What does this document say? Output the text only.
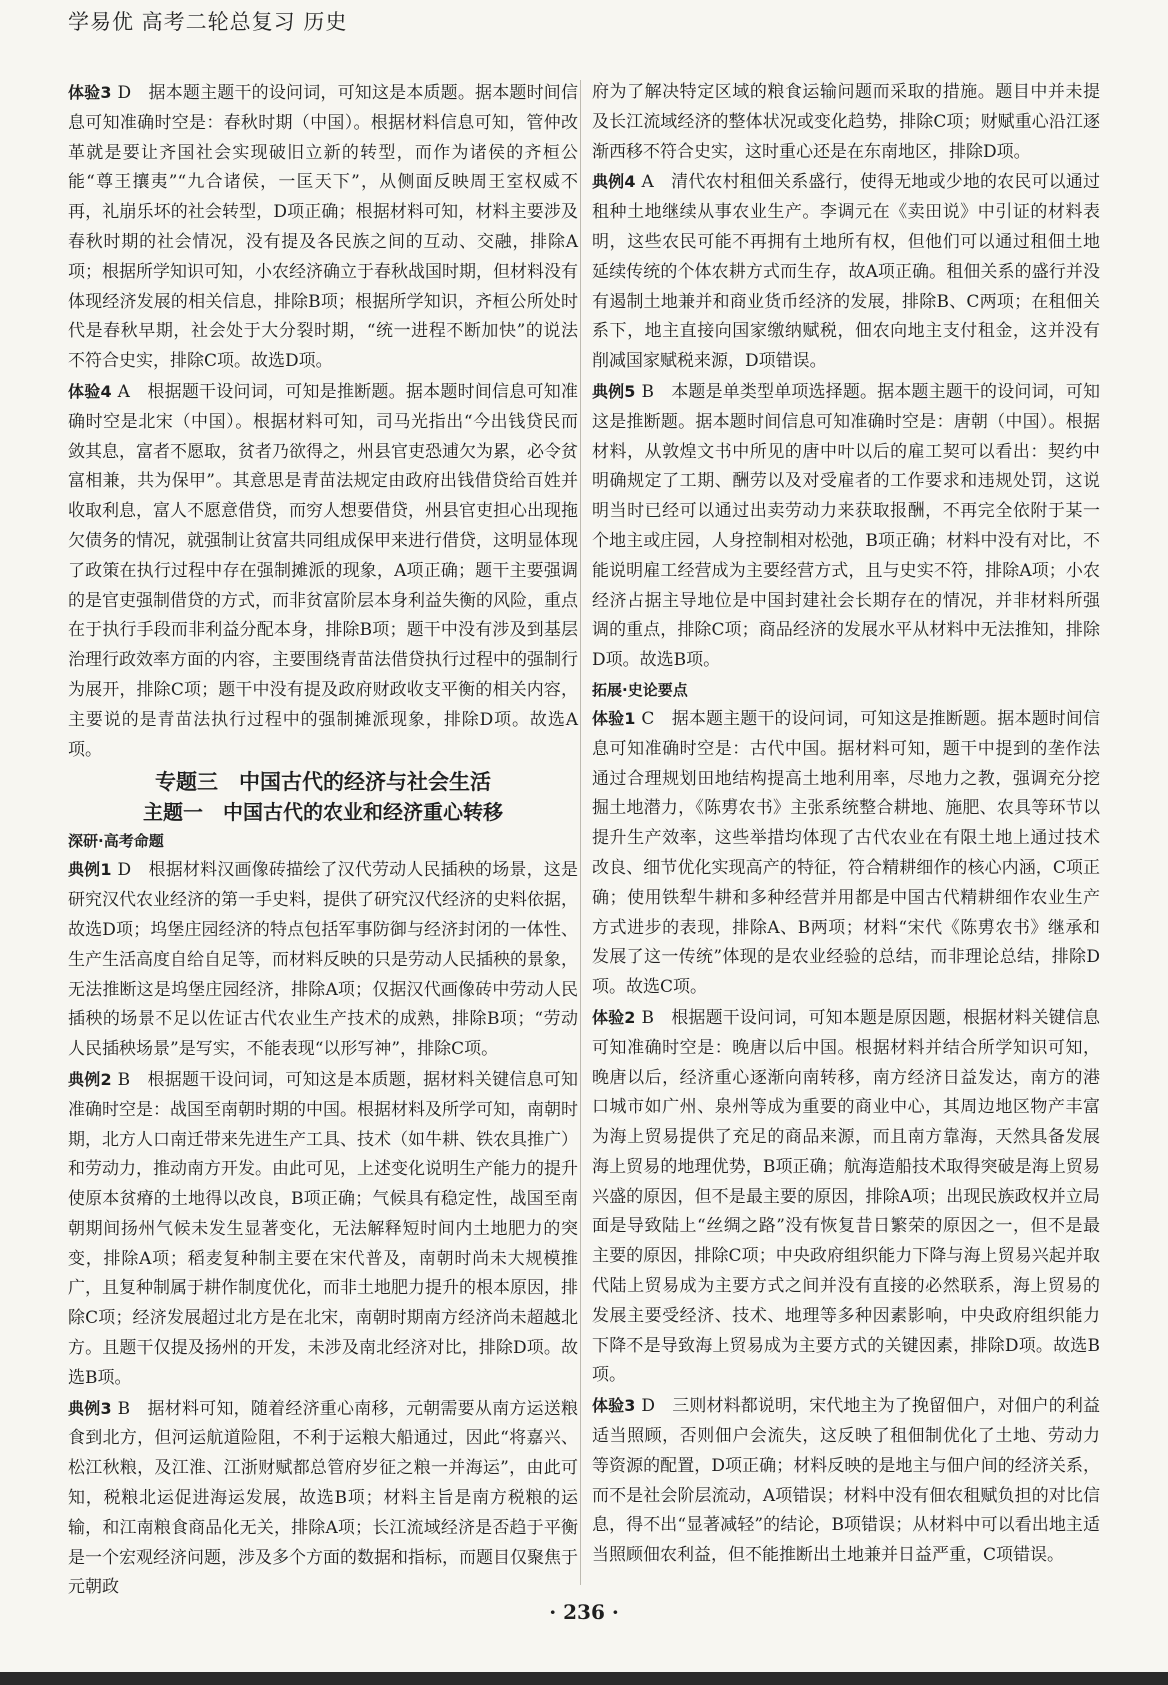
学易优 高考二轮总复习 历史

体验3 D　据本题主题干的设问词，可知这是本质题。据本题时间信息可知准确时空是：春秋时期（中国）。根据材料信息可知，管仲改革就是要让齐国社会实现破旧立新的转型，而作为诸侯的齐桓公能“尊王攘夷”“九合诸侯，一匡天下”，从侧面反映周王室权威不再，礼崩乐坏的社会转型，D项正确；根据材料可知，材料主要涉及春秋时期的社会情况，没有提及各民族之间的互动、交融，排除A项；根据所学知识可知，小农经济确立于春秋战国时期，但材料没有体现经济发展的相关信息，排除B项；根据所学知识，齐桓公所处时代是春秋早期，社会处于大分裂时期，“统一进程不断加快”的说法不符合史实，排除C项。故选D项。

体验4 A　根据题干设问词，可知是推断题。据本题时间信息可知准确时空是北宋（中国）。根据材料可知，司马光指出“今出钱贷民而敛其息，富者不愿取，贫者乃欲得之，州县官吏恐逋欠为累，必令贫富相兼，共为保甲”。其意思是青苗法规定由政府出钱借贷给百姓并收取利息，富人不愿意借贷，而穷人想要借贷，州县官吏担心出现拖欠债务的情况，就强制让贫富共同组成保甲来进行借贷，这明显体现了政策在执行过程中存在强制摊派的现象，A项正确；题干主要强调的是官吏强制借贷的方式，而非贫富阶层本身利益失衡的风险，重点在于执行手段而非利益分配本身，排除B项；题干中没有涉及到基层治理行政效率方面的内容，主要围绕青苗法借贷执行过程中的强制行为展开，排除C项；题干中没有提及政府财政收支平衡的相关内容，主要说的是青苗法执行过程中的强制摊派现象，排除D项。故选A项。

专题三　中国古代的经济与社会生活
主题一　中国古代的农业和经济重心转移
深研·高考命题

典例1 D　根据材料汉画像砖描绘了汉代劳动人民插秧的场景，这是研究汉代农业经济的第一手史料，提供了研究汉代经济的史料依据，故选D项；坞堡庄园经济的特点包括军事防御与经济封闭的一体性、生产生活高度自给自足等，而材料反映的只是劳动人民插秧的景象，无法推断这是坞堡庄园经济，排除A项；仅据汉代画像砖中劳动人民插秧的场景不足以佐证古代农业生产技术的成熟，排除B项；“劳动人民插秧场景”是写实，不能表现“以形写神”，排除C项。

典例2 B　根据题干设问词，可知这是本质题，据材料关键信息可知准确时空是：战国至南朝时期的中国。根据材料及所学可知，南朝时期，北方人口南迁带来先进生产工具、技术（如牛耕、铁农具推广）和劳动力，推动南方开发。由此可见，上述变化说明生产能力的提升使原本贫瘠的土地得以改良，B项正确；气候具有稳定性，战国至南朝期间扬州气候未发生显著变化，无法解释短时间内土地肥力的突变，排除A项；稻麦复种制主要在宋代普及，南朝时尚未大规模推广，且复种制属于耕作制度优化，而非土地肥力提升的根本原因，排除C项；经济发展超过北方是在北宋，南朝时期南方经济尚未超越北方。且题干仅提及扬州的开发，未涉及南北经济对比，排除D项。故选B项。

典例3 B　据材料可知，随着经济重心南移，元朝需要从南方运送粮食到北方，但河运航道险阻，不利于运粮大船通过，因此“将嘉兴、松江秋粮，及江淮、江浙财赋都总管府岁征之粮一并海运”，由此可知，税粮北运促进海运发展，故选B项；材料主旨是南方税粮的运输，和江南粮食商品化无关，排除A项；长江流域经济是否趋于平衡是一个宏观经济问题，涉及多个方面的数据和指标，而题目仅聚焦于元朝政

府为了解决特定区域的粮食运输问题而采取的措施。题目中并未提及长江流域经济的整体状况或变化趋势，排除C项；财赋重心沿江逐渐西移不符合史实，这时重心还是在东南地区，排除D项。

典例4 A　清代农村租佃关系盛行，使得无地或少地的农民可以通过租种土地继续从事农业生产。李调元在《卖田说》中引证的材料表明，这些农民可能不再拥有土地所有权，但他们可以通过租佃土地延续传统的个体农耕方式而生存，故A项正确。租佃关系的盛行并没有遏制土地兼并和商业货币经济的发展，排除B、C两项；在租佃关系下，地主直接向国家缴纳赋税，佃农向地主支付租金，这并没有削减国家赋税来源，D项错误。

典例5 B　本题是单类型单项选择题。据本题主题干的设问词，可知这是推断题。据本题时间信息可知准确时空是：唐朝（中国）。根据材料，从敦煌文书中所见的唐中叶以后的雇工契可以看出：契约中明确规定了工期、酬劳以及对受雇者的工作要求和违规处罚，这说明当时已经可以通过出卖劳动力来获取报酬，不再完全依附于某一个地主或庄园，人身控制相对松弛，B项正确；材料中没有对比，不能说明雇工经营成为主要经营方式，且与史实不符，排除A项；小农经济占据主导地位是中国封建社会长期存在的情况，并非材料所强调的重点，排除C项；商品经济的发展水平从材料中无法推知，排除D项。故选B项。

拓展·史论要点

体验1 C　据本题主题干的设问词，可知这是推断题。据本题时间信息可知准确时空是：古代中国。据材料可知，题干中提到的垄作法通过合理规划田地结构提高土地利用率，尽地力之教，强调充分挖掘土地潜力，《陈旉农书》主张系统整合耕地、施肥、农具等环节以提升生产效率，这些举措均体现了古代农业在有限土地上通过技术改良、细节优化实现高产的特征，符合精耕细作的核心内涵，C项正确；使用铁犁牛耕和多种经营并用都是中国古代精耕细作农业生产方式进步的表现，排除A、B两项；材料“宋代《陈旉农书》继承和发展了这一传统”体现的是农业经验的总结，而非理论总结，排除D项。故选C项。

体验2 B　根据题干设问词，可知本题是原因题，根据材料关键信息可知准确时空是：晚唐以后中国。根据材料并结合所学知识可知，晚唐以后，经济重心逐渐向南转移，南方经济日益发达，南方的港口城市如广州、泉州等成为重要的商业中心，其周边地区物产丰富为海上贸易提供了充足的商品来源，而且南方靠海，天然具备发展海上贸易的地理优势，B项正确；航海造船技术取得突破是海上贸易兴盛的原因，但不是最主要的原因，排除A项；出现民族政权并立局面是导致陆上“丝绸之路”没有恢复昔日繁荣的原因之一，但不是最主要的原因，排除C项；中央政府组织能力下降与海上贸易兴起并取代陆上贸易成为主要方式之间并没有直接的必然联系，海上贸易的发展主要受经济、技术、地理等多种因素影响，中央政府组织能力下降不是导致海上贸易成为主要方式的关键因素，排除D项。故选B项。

体验3 D　三则材料都说明，宋代地主为了挽留佃户，对佃户的利益适当照顾，否则佃户会流失，这反映了租佃制优化了土地、劳动力等资源的配置，D项正确；材料反映的是地主与佃户间的经济关系，而不是社会阶层流动，A项错误；材料中没有佃农租赋负担的对比信息，得不出“显著减轻”的结论，B项错误；从材料中可以看出地主适当照顾佃农利益，但不能推断出土地兼并日益严重，C项错误。

· 236 ·
